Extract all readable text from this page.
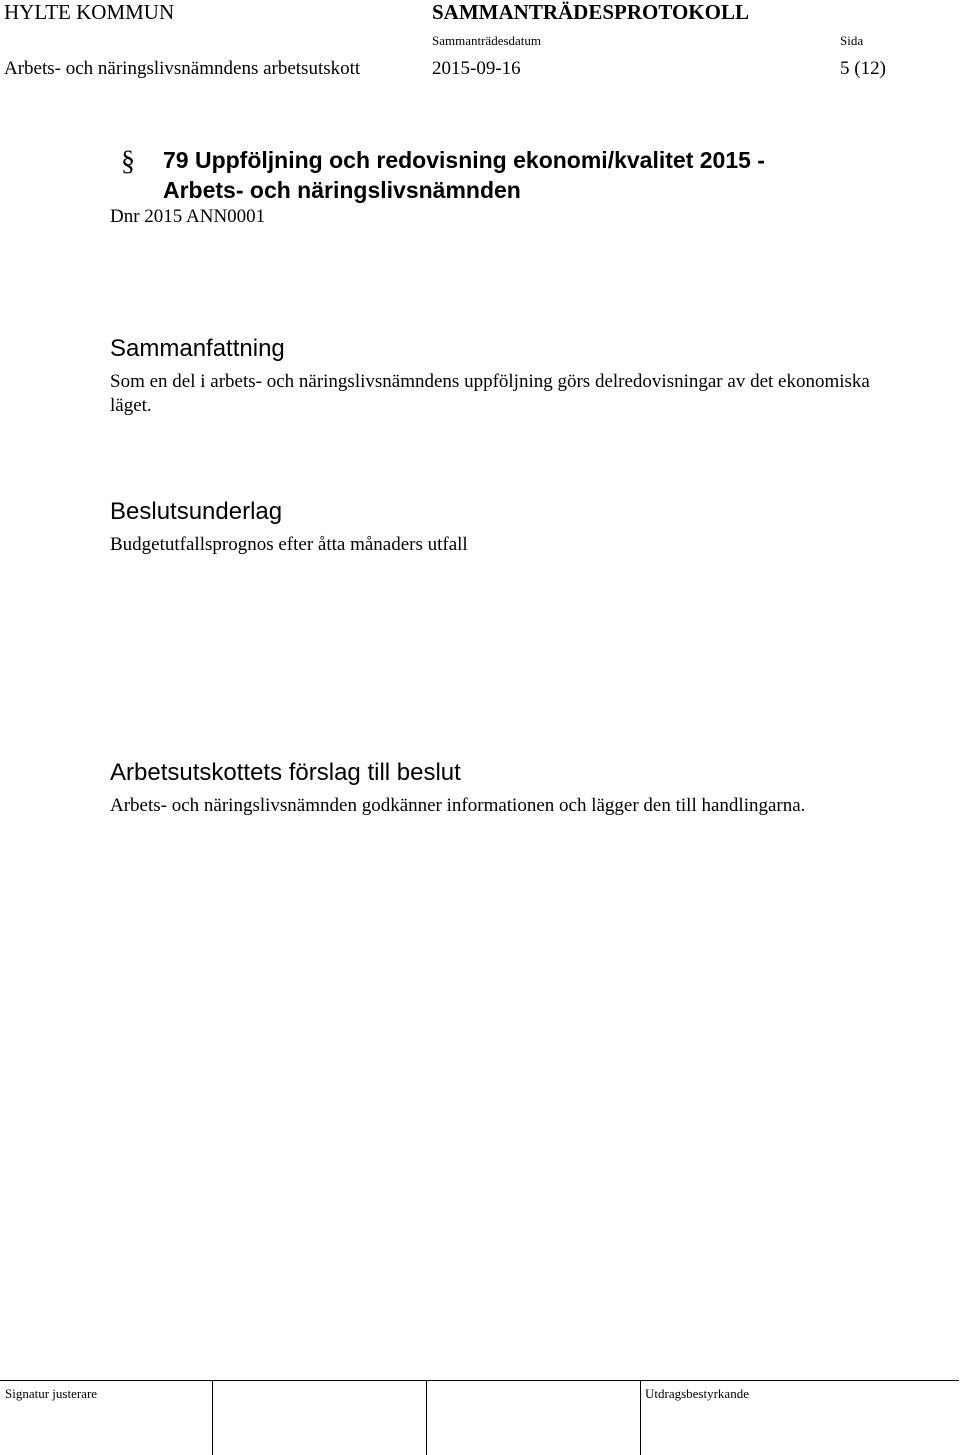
HYLTE KOMMUN	SAMMANTRÄDESPROTOKOLL
Sammanträdesdatum	Sida
Arbets- och näringslivsnämndens arbetsutskott	2015-09-16	5 (12)
§ 79 Uppföljning och redovisning ekonomi/kvalitet 2015 -
Arbets- och näringslivsnämnden
Dnr 2015 ANN0001
Sammanfattning
Som en del i arbets- och näringslivsnämndens uppföljning görs delredovisningar av det ekonomiska läget.
Beslutsunderlag
Budgetutfallsprognos efter åtta månaders utfall
Arbetsutskottets förslag till beslut
Arbets- och näringslivsnämnden godkänner informationen och lägger den till handlingarna.
Signatur justerare	Utdragsbestyrkande
